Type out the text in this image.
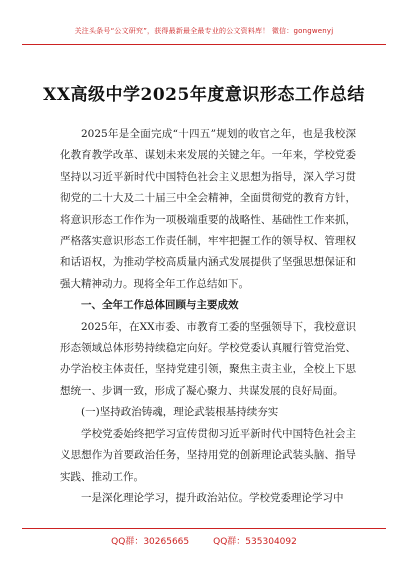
关注头条号“公文研究”，获得最新最全最专业的公文资料库！ 微信：gongwenyj
XX高级中学2025年度意识形态工作总结

2025年是全面完成“十四五”规划的收官之年，也是我校深化教育教学改革、谋划未来发展的关键之年。一年来，学校党委坚持以习近平新时代中国特色社会主义思想为指导，深入学习贯彻党的二十大及二十届三中全会精神，全面贯彻党的教育方针，将意识形态工作作为一项极端重要的战略性、基础性工作来抓，严格落实意识形态工作责任制，牢牢把握工作的领导权、管理权和话语权，为推动学校高质量内涵式发展提供了坚强思想保证和强大精神动力。现将全年工作总结如下。

一、全年工作总体回顾与主要成效

2025年，在XX市委、市教育工委的坚强领导下，我校意识形态领域总体形势持续稳定向好。学校党委认真履行管党治党、办学治校主体责任，坚持党建引领，聚焦主责主业，全校上下思想统一、步调一致，形成了凝心聚力、共谋发展的良好局面。

(一)坚持政治铸魂，理论武装根基持续夯实

学校党委始终把学习宣传贯彻习近平新时代中国特色社会主义思想作为首要政治任务，坚持用党的创新理论武装头脑、指导实践、推动工作。

一是深化理论学习，提升政治站位。学校党委理论学习中

QQ群：30265665	QQ群：535304092
